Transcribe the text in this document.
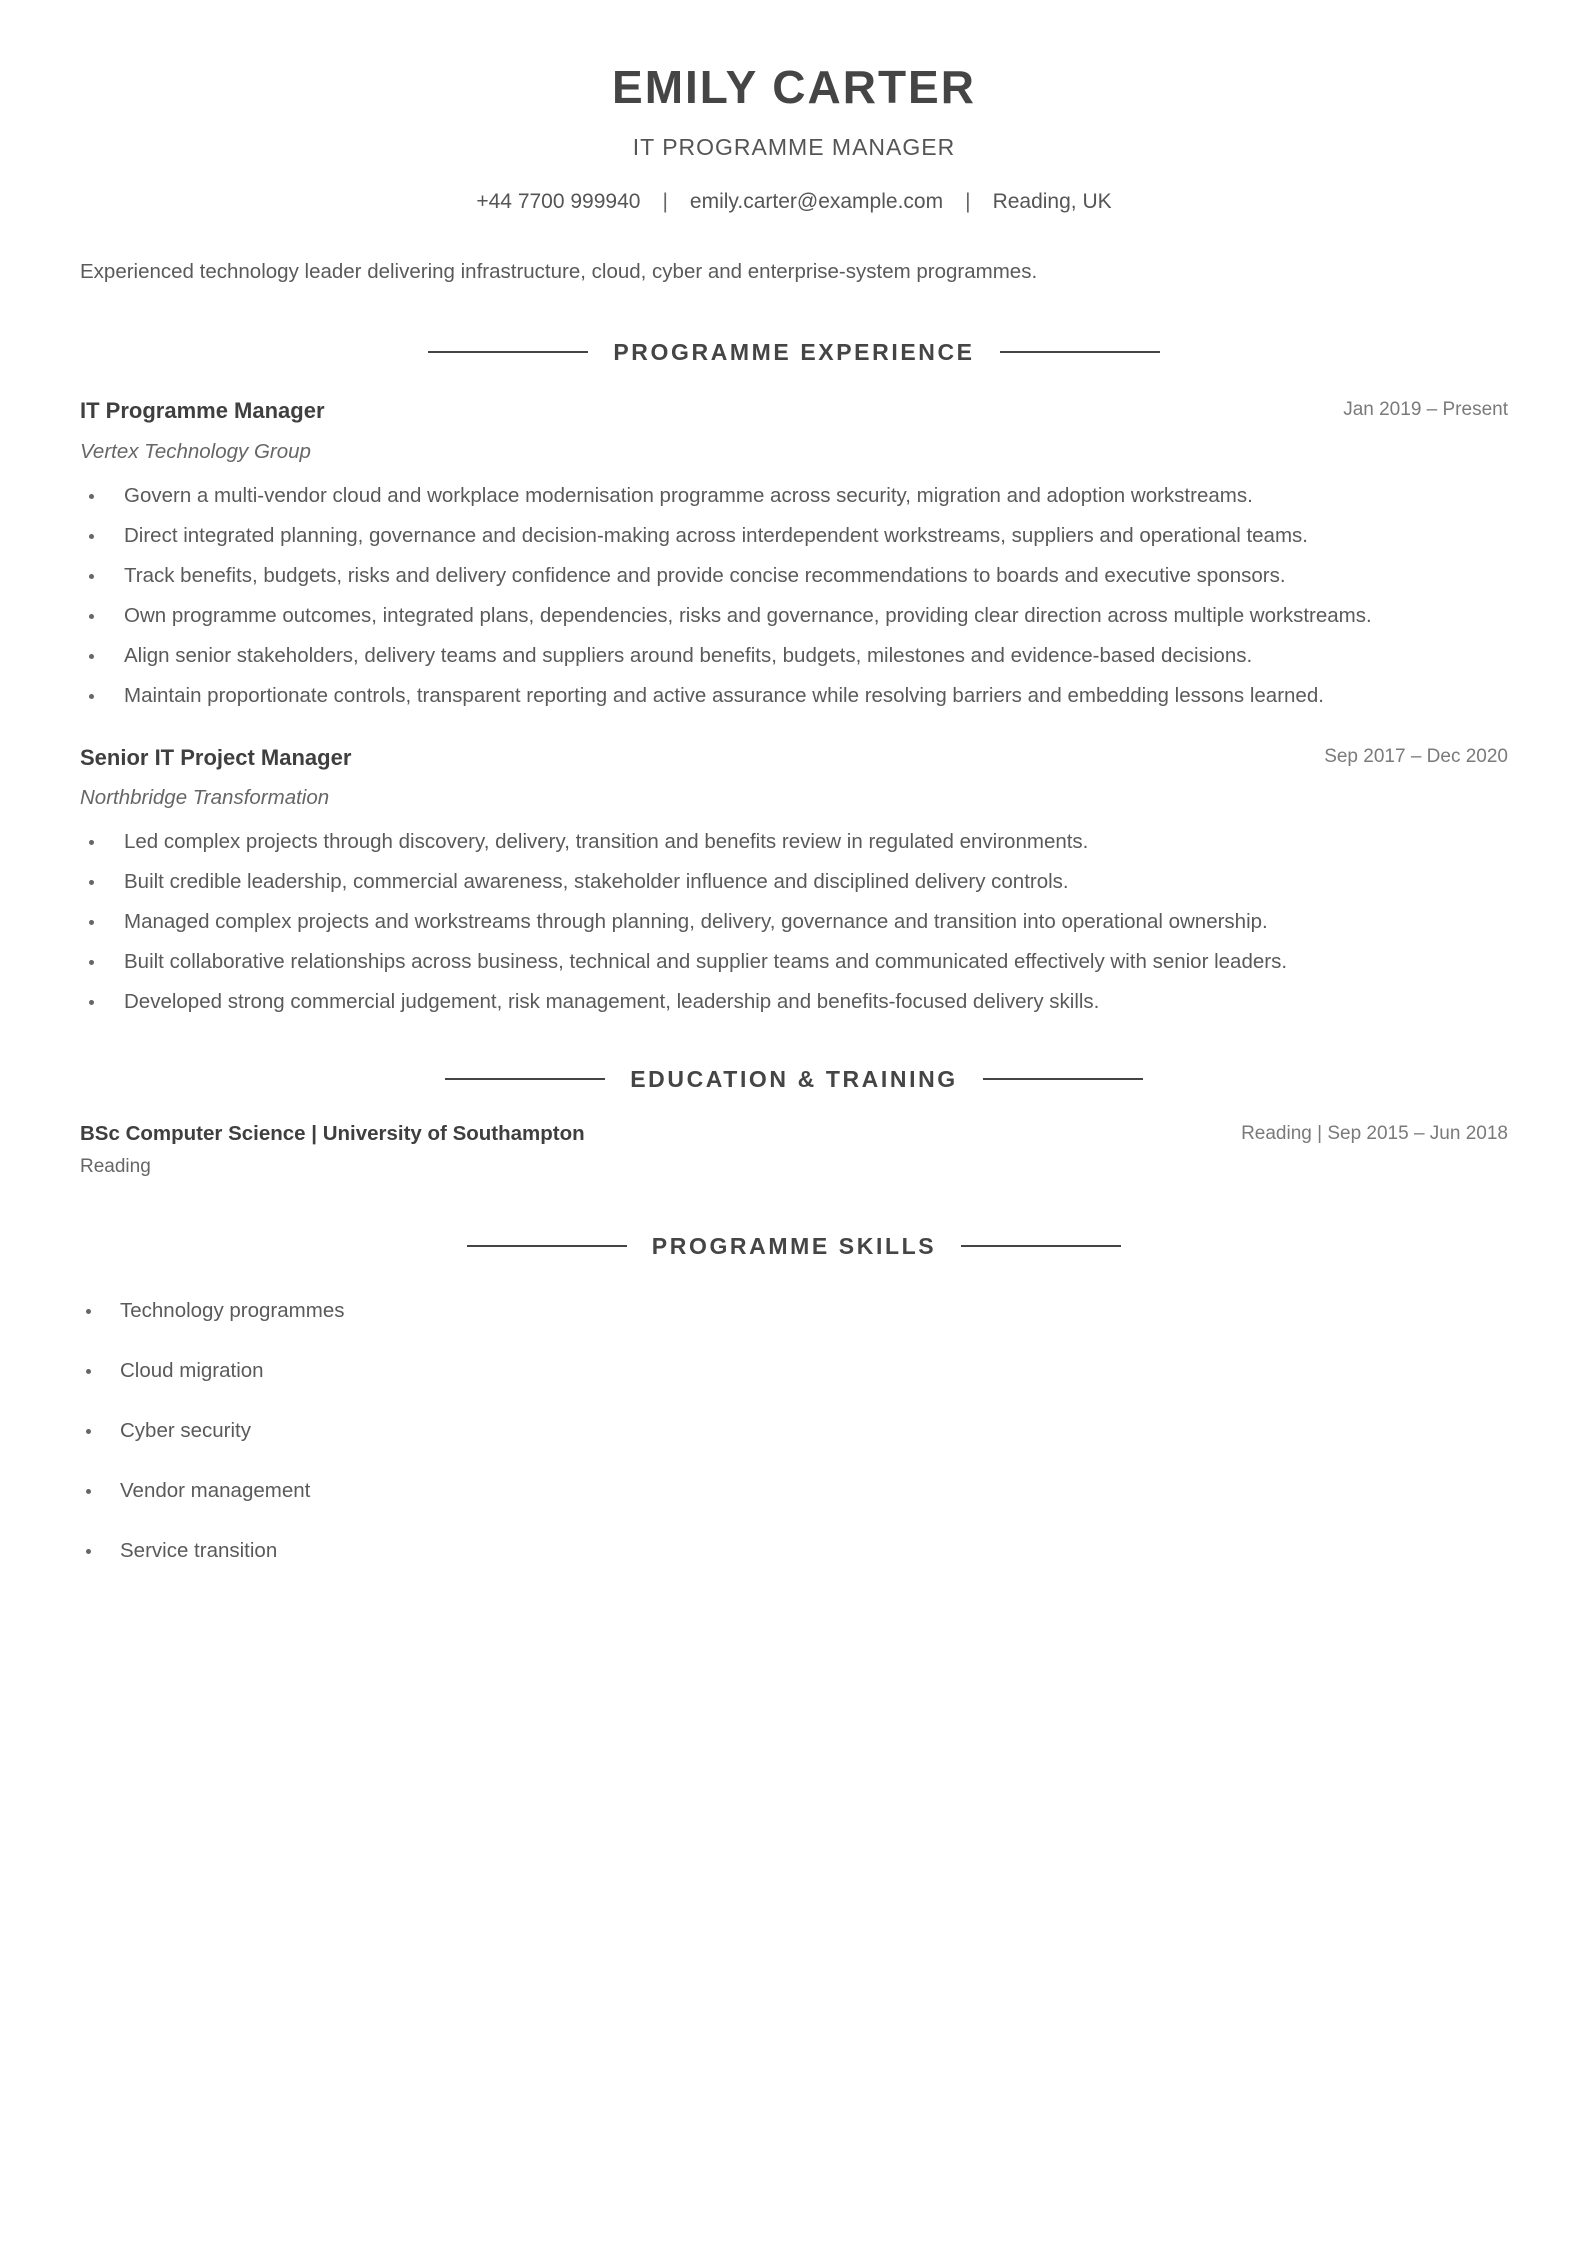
EMILY CARTER
IT PROGRAMME MANAGER
+44 7700 999940 | emily.carter@example.com | Reading, UK
Experienced technology leader delivering infrastructure, cloud, cyber and enterprise-system programmes.
PROGRAMME EXPERIENCE
IT Programme Manager	Jan 2019 – Present
Vertex Technology Group
Govern a multi-vendor cloud and workplace modernisation programme across security, migration and adoption workstreams.
Direct integrated planning, governance and decision-making across interdependent workstreams, suppliers and operational teams.
Track benefits, budgets, risks and delivery confidence and provide concise recommendations to boards and executive sponsors.
Own programme outcomes, integrated plans, dependencies, risks and governance, providing clear direction across multiple workstreams.
Align senior stakeholders, delivery teams and suppliers around benefits, budgets, milestones and evidence-based decisions.
Maintain proportionate controls, transparent reporting and active assurance while resolving barriers and embedding lessons learned.
Senior IT Project Manager	Sep 2017 – Dec 2020
Northbridge Transformation
Led complex projects through discovery, delivery, transition and benefits review in regulated environments.
Built credible leadership, commercial awareness, stakeholder influence and disciplined delivery controls.
Managed complex projects and workstreams through planning, delivery, governance and transition into operational ownership.
Built collaborative relationships across business, technical and supplier teams and communicated effectively with senior leaders.
Developed strong commercial judgement, risk management, leadership and benefits-focused delivery skills.
EDUCATION & TRAINING
BSc Computer Science | University of Southampton	Reading | Sep 2015 – Jun 2018
Reading
PROGRAMME SKILLS
Technology programmes
Cloud migration
Cyber security
Vendor management
Service transition
